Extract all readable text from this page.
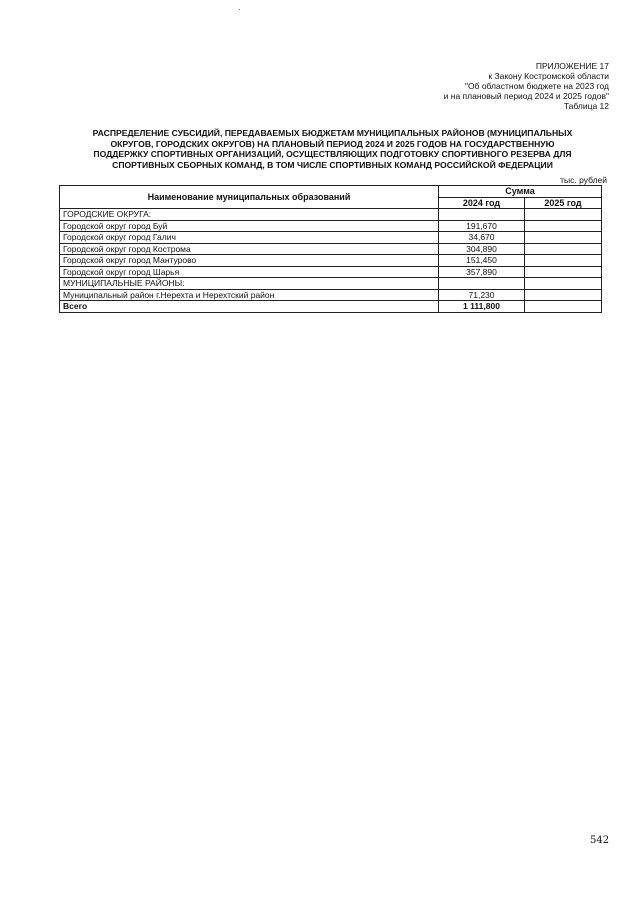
ПРИЛОЖЕНИЕ 17
к Закону Костромской области
"Об областном бюджете на 2023 год
и на плановый период 2024 и 2025 годов"
Таблица 12
РАСПРЕДЕЛЕНИЕ СУБСИДИЙ, ПЕРЕДАВАЕМЫХ БЮДЖЕТАМ МУНИЦИПАЛЬНЫХ РАЙОНОВ (МУНИЦИПАЛЬНЫХ
ОКРУГОВ, ГОРОДСКИХ ОКРУГОВ) НА ПЛАНОВЫЙ ПЕРИОД 2024 И 2025 ГОДОВ НА ГОСУДАРСТВЕННУЮ
ПОДДЕРЖКУ СПОРТИВНЫХ ОРГАНИЗАЦИЙ, ОСУЩЕСТВЛЯЮЩИХ ПОДГОТОВКУ СПОРТИВНОГО РЕЗЕРВА ДЛЯ
СПОРТИВНЫХ СБОРНЫХ КОМАНД, В ТОМ ЧИСЛЕ СПОРТИВНЫХ КОМАНД РОССИЙСКОЙ ФЕДЕРАЦИИ
тыс. рублей
Наименование муниципальных образований	Сумма	
	2024 год	2025 год
ГОРОДСКИЕ ОКРУГА:		
Городской округ город Буй	191,670	
Городской округ город Галич	34,670	
Городской округ город Кострома	304,890	
Городской округ город Мантурово	151,450	
Городской округ город Шарья	357,890	
МУНИЦИПАЛЬНЫЕ РАЙОНЫ:		
Муниципальный район г.Нерехта и Нерехтский район	71,230	
Всего	1 111,800	
542
